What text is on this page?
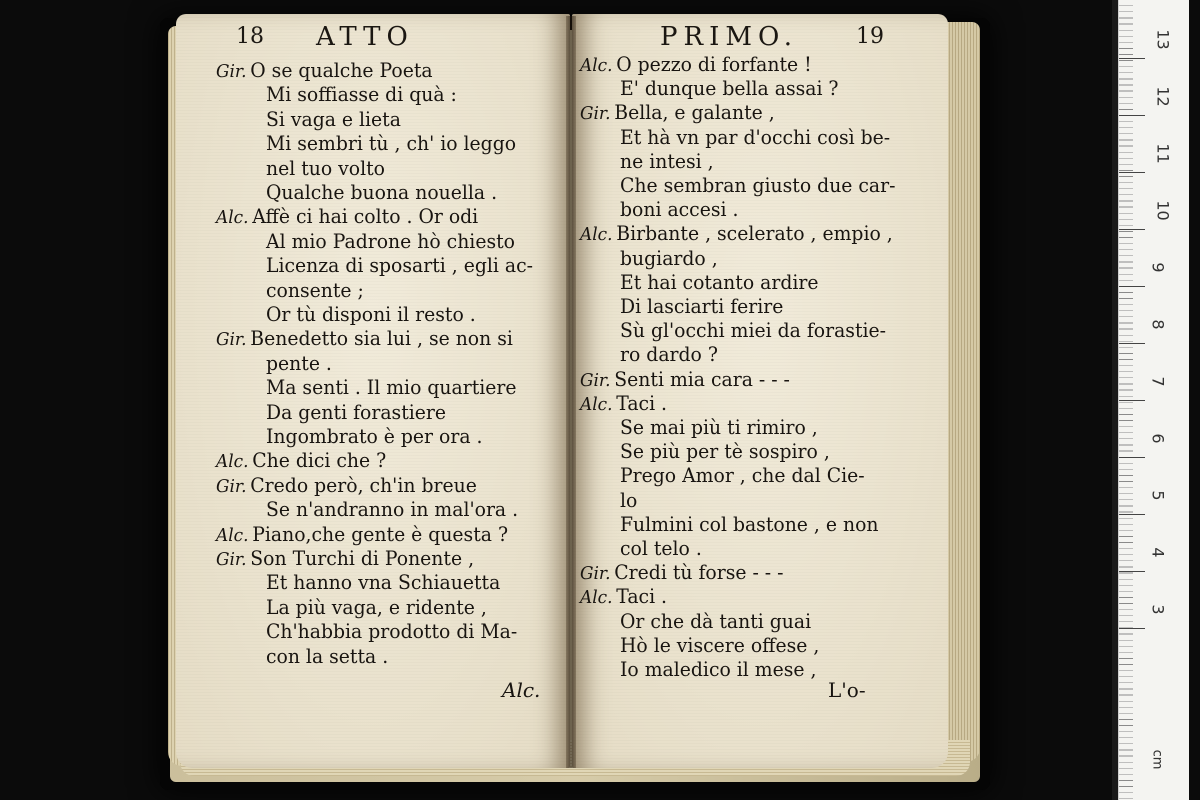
18 ATTO
Gir. O se qualche Poeta
Mi soffiasse di quà :
Si vaga e lieta
Mi sembri tù , ch' io leggo
nel tuo volto
Qualche buona nouella .
Alc. Affè ci hai colto . Or odi
Al mio Padrone hò chiesto
Licenza di sposarti , egli ac-
consente ;
Or tù disponi il resto .
Gir. Benedetto sia lui , se non si
pente .
Ma senti . Il mio quartiere
Da genti forastiere
Ingombrato è per ora .
Alc. Che dici che ?
Gir. Credo però, ch'in breue
Se n'andranno in mal'ora .
Alc. Piano,che gente è questa ?
Gir. Son Turchi di Ponente ,
Et hanno vna Schiauetta
La più vaga, e ridente ,
Ch'habbia prodotto di Ma-
con la setta .
Alc.
PRIMO.	19
Alc. O pezzo di forfante !
E' dunque bella assai ?
Gir. Bella, e galante ,
Et hà vn par d'occhi così be-
ne intesi ,
Che sembran giusto due car-
boni accesi .
Alc. Birbante , scelerato , empio ,
bugiardo ,
Et hai cotanto ardire
Di lasciarti ferire
Sù gl'occhi miei da forastie-
ro dardo ?
Gir. Senti mia cara - - -
Alc. Taci .
Se mai più ti rimiro ,
Se più per tè sospiro ,
Prego Amor , che dal Cie-
lo
Fulmini col bastone , e non
col telo .
Gir. Credi tù forse - - -
Alc. Taci .
Or che dà tanti guai
Hò le viscere offese ,
Io maledico il mese ,
L'o-
cm
13
12
11
10
9
8
7
6
5
4
3
